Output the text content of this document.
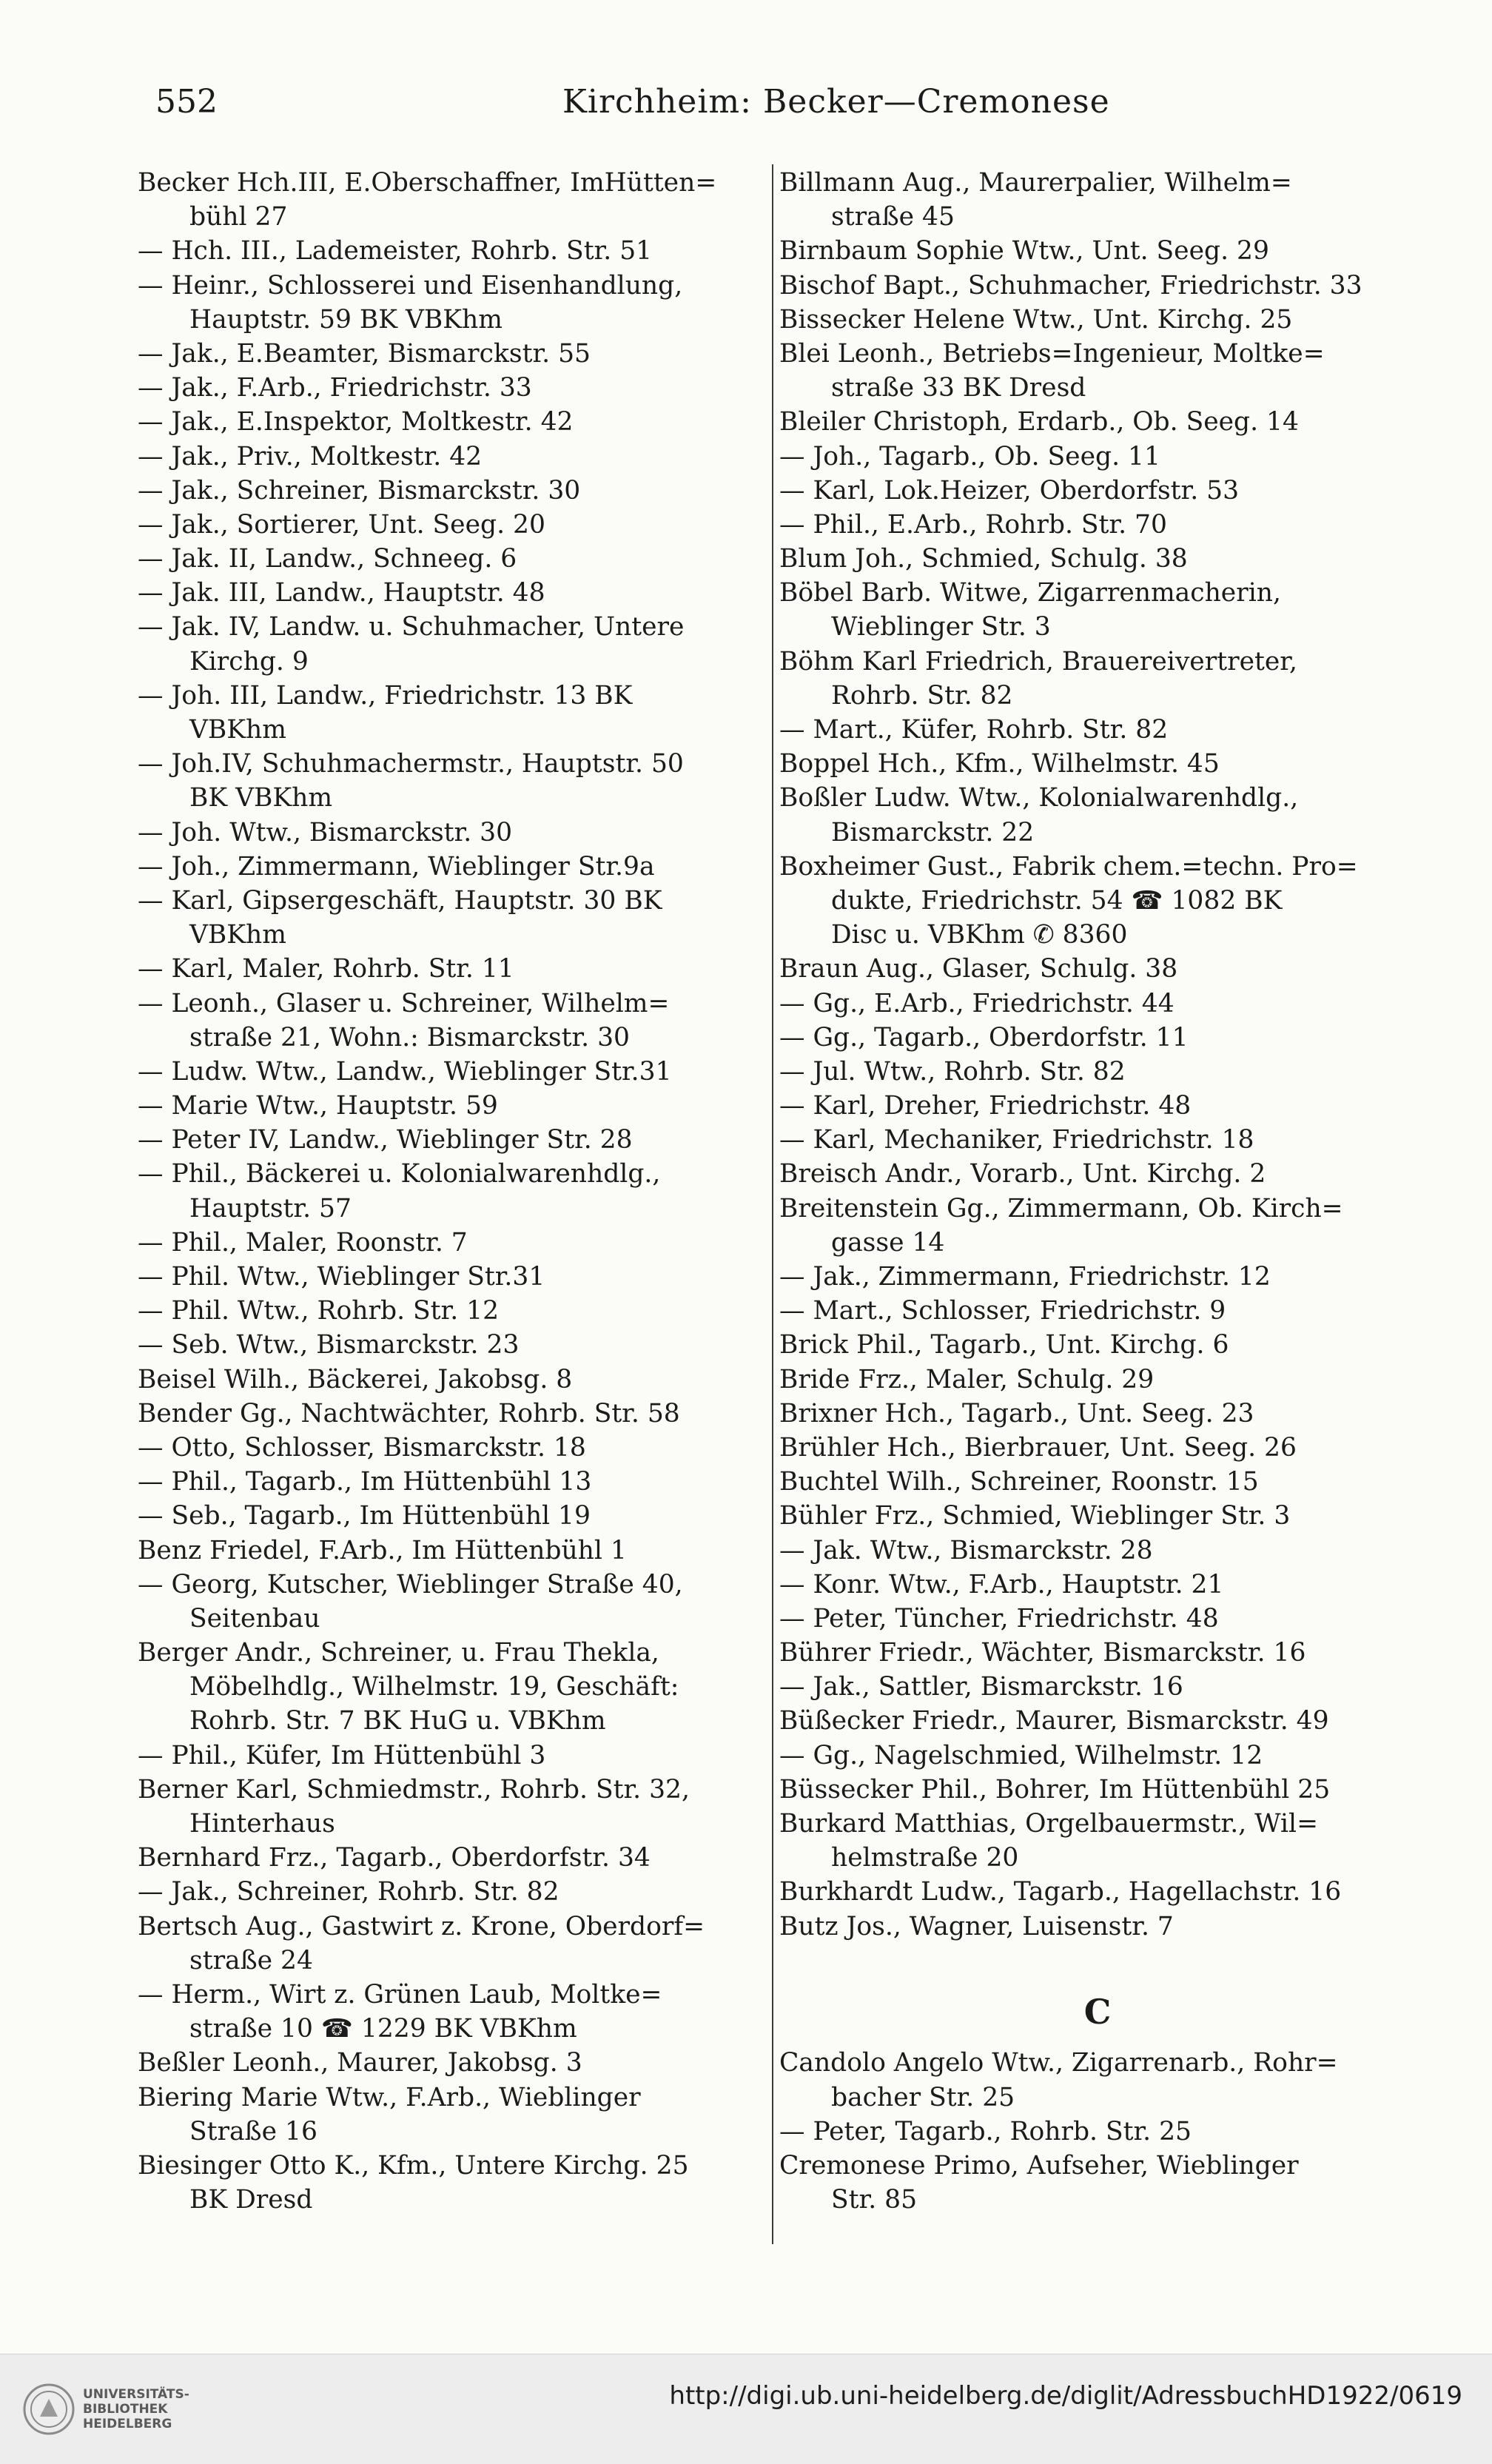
552	Kirchheim: Becker—Cremonese
Becker Hch.III, E.Oberschaffner, ImHütten=
bühl 27
— Hch. III., Lademeister, Rohrb. Str. 51
— Heinr., Schlosserei und Eisenhandlung,
Hauptstr. 59 BK VBKhm
— Jak., E.Beamter, Bismarckstr. 55
— Jak., F.Arb., Friedrichstr. 33
— Jak., E.Inspektor, Moltkestr. 42
— Jak., Priv., Moltkestr. 42
— Jak., Schreiner, Bismarckstr. 30
— Jak., Sortierer, Unt. Seeg. 20
— Jak. II, Landw., Schneeg. 6
— Jak. III, Landw., Hauptstr. 48
— Jak. IV, Landw. u. Schuhmacher, Untere
Kirchg. 9
— Joh. III, Landw., Friedrichstr. 13 BK
VBKhm
— Joh.IV, Schuhmachermstr., Hauptstr. 50
BK VBKhm
— Joh. Wtw., Bismarckstr. 30
— Joh., Zimmermann, Wieblinger Str.9a
— Karl, Gipsergeschäft, Hauptstr. 30 BK
VBKhm
— Karl, Maler, Rohrb. Str. 11
— Leonh., Glaser u. Schreiner, Wilhelm=
straße 21, Wohn.: Bismarckstr. 30
— Ludw. Wtw., Landw., Wieblinger Str.31
— Marie Wtw., Hauptstr. 59
— Peter IV, Landw., Wieblinger Str. 28
— Phil., Bäckerei u. Kolonialwarenhdlg.,
Hauptstr. 57
— Phil., Maler, Roonstr. 7
— Phil. Wtw., Wieblinger Str.31
— Phil. Wtw., Rohrb. Str. 12
— Seb. Wtw., Bismarckstr. 23
Beisel Wilh., Bäckerei, Jakobsg. 8
Bender Gg., Nachtwächter, Rohrb. Str. 58
— Otto, Schlosser, Bismarckstr. 18
— Phil., Tagarb., Im Hüttenbühl 13
— Seb., Tagarb., Im Hüttenbühl 19
Benz Friedel, F.Arb., Im Hüttenbühl 1
— Georg, Kutscher, Wieblinger Straße 40,
Seitenbau
Berger Andr., Schreiner, u. Frau Thekla,
Möbelhdlg., Wilhelmstr. 19, Geschäft:
Rohrb. Str. 7 BK HuG u. VBKhm
— Phil., Küfer, Im Hüttenbühl 3
Berner Karl, Schmiedmstr., Rohrb. Str. 32,
Hinterhaus
Bernhard Frz., Tagarb., Oberdorfstr. 34
— Jak., Schreiner, Rohrb. Str. 82
Bertsch Aug., Gastwirt z. Krone, Oberdorf=
straße 24
— Herm., Wirt z. Grünen Laub, Moltke=
straße 10 ☎ 1229 BK VBKhm
Beßler Leonh., Maurer, Jakobsg. 3
Biering Marie Wtw., F.Arb., Wieblinger
Straße 16
Biesinger Otto K., Kfm., Untere Kirchg. 25
BK Dresd
Billmann Aug., Maurerpalier, Wilhelm=
straße 45
Birnbaum Sophie Wtw., Unt. Seeg. 29
Bischof Bapt., Schuhmacher, Friedrichstr. 33
Bissecker Helene Wtw., Unt. Kirchg. 25
Blei Leonh., Betriebs=Ingenieur, Moltke=
straße 33 BK Dresd
Bleiler Christoph, Erdarb., Ob. Seeg. 14
— Joh., Tagarb., Ob. Seeg. 11
— Karl, Lok.Heizer, Oberdorfstr. 53
— Phil., E.Arb., Rohrb. Str. 70
Blum Joh., Schmied, Schulg. 38
Böbel Barb. Witwe, Zigarrenmacherin,
Wieblinger Str. 3
Böhm Karl Friedrich, Brauereivertreter,
Rohrb. Str. 82
— Mart., Küfer, Rohrb. Str. 82
Boppel Hch., Kfm., Wilhelmstr. 45
Boßler Ludw. Wtw., Kolonialwarenhdlg.,
Bismarckstr. 22
Boxheimer Gust., Fabrik chem.=techn. Pro=
dukte, Friedrichstr. 54 ☎ 1082 BK
Disc u. VBKhm ✆ 8360
Braun Aug., Glaser, Schulg. 38
— Gg., E.Arb., Friedrichstr. 44
— Gg., Tagarb., Oberdorfstr. 11
— Jul. Wtw., Rohrb. Str. 82
— Karl, Dreher, Friedrichstr. 48
— Karl, Mechaniker, Friedrichstr. 18
Breisch Andr., Vorarb., Unt. Kirchg. 2
Breitenstein Gg., Zimmermann, Ob. Kirch=
gasse 14
— Jak., Zimmermann, Friedrichstr. 12
— Mart., Schlosser, Friedrichstr. 9
Brick Phil., Tagarb., Unt. Kirchg. 6
Bride Frz., Maler, Schulg. 29
Brixner Hch., Tagarb., Unt. Seeg. 23
Brühler Hch., Bierbrauer, Unt. Seeg. 26
Buchtel Wilh., Schreiner, Roonstr. 15
Bühler Frz., Schmied, Wieblinger Str. 3
— Jak. Wtw., Bismarckstr. 28
— Konr. Wtw., F.Arb., Hauptstr. 21
— Peter, Tüncher, Friedrichstr. 48
Bührer Friedr., Wächter, Bismarckstr. 16
— Jak., Sattler, Bismarckstr. 16
Büßecker Friedr., Maurer, Bismarckstr. 49
— Gg., Nagelschmied, Wilhelmstr. 12
Büssecker Phil., Bohrer, Im Hüttenbühl 25
Burkard Matthias, Orgelbauermstr., Wil=
helmstraße 20
Burkhardt Ludw., Tagarb., Hagellachstr. 16
Butz Jos., Wagner, Luisenstr. 7
C
Candolo Angelo Wtw., Zigarrenarb., Rohr=
bacher Str. 25
— Peter, Tagarb., Rohrb. Str. 25
Cremonese Primo, Aufseher, Wieblinger
Str. 85
UNIVERSITÄTS-
BIBLIOTHEK
HEIDELBERG
http://digi.ub.uni-heidelberg.de/diglit/AdressbuchHD1922/0619
